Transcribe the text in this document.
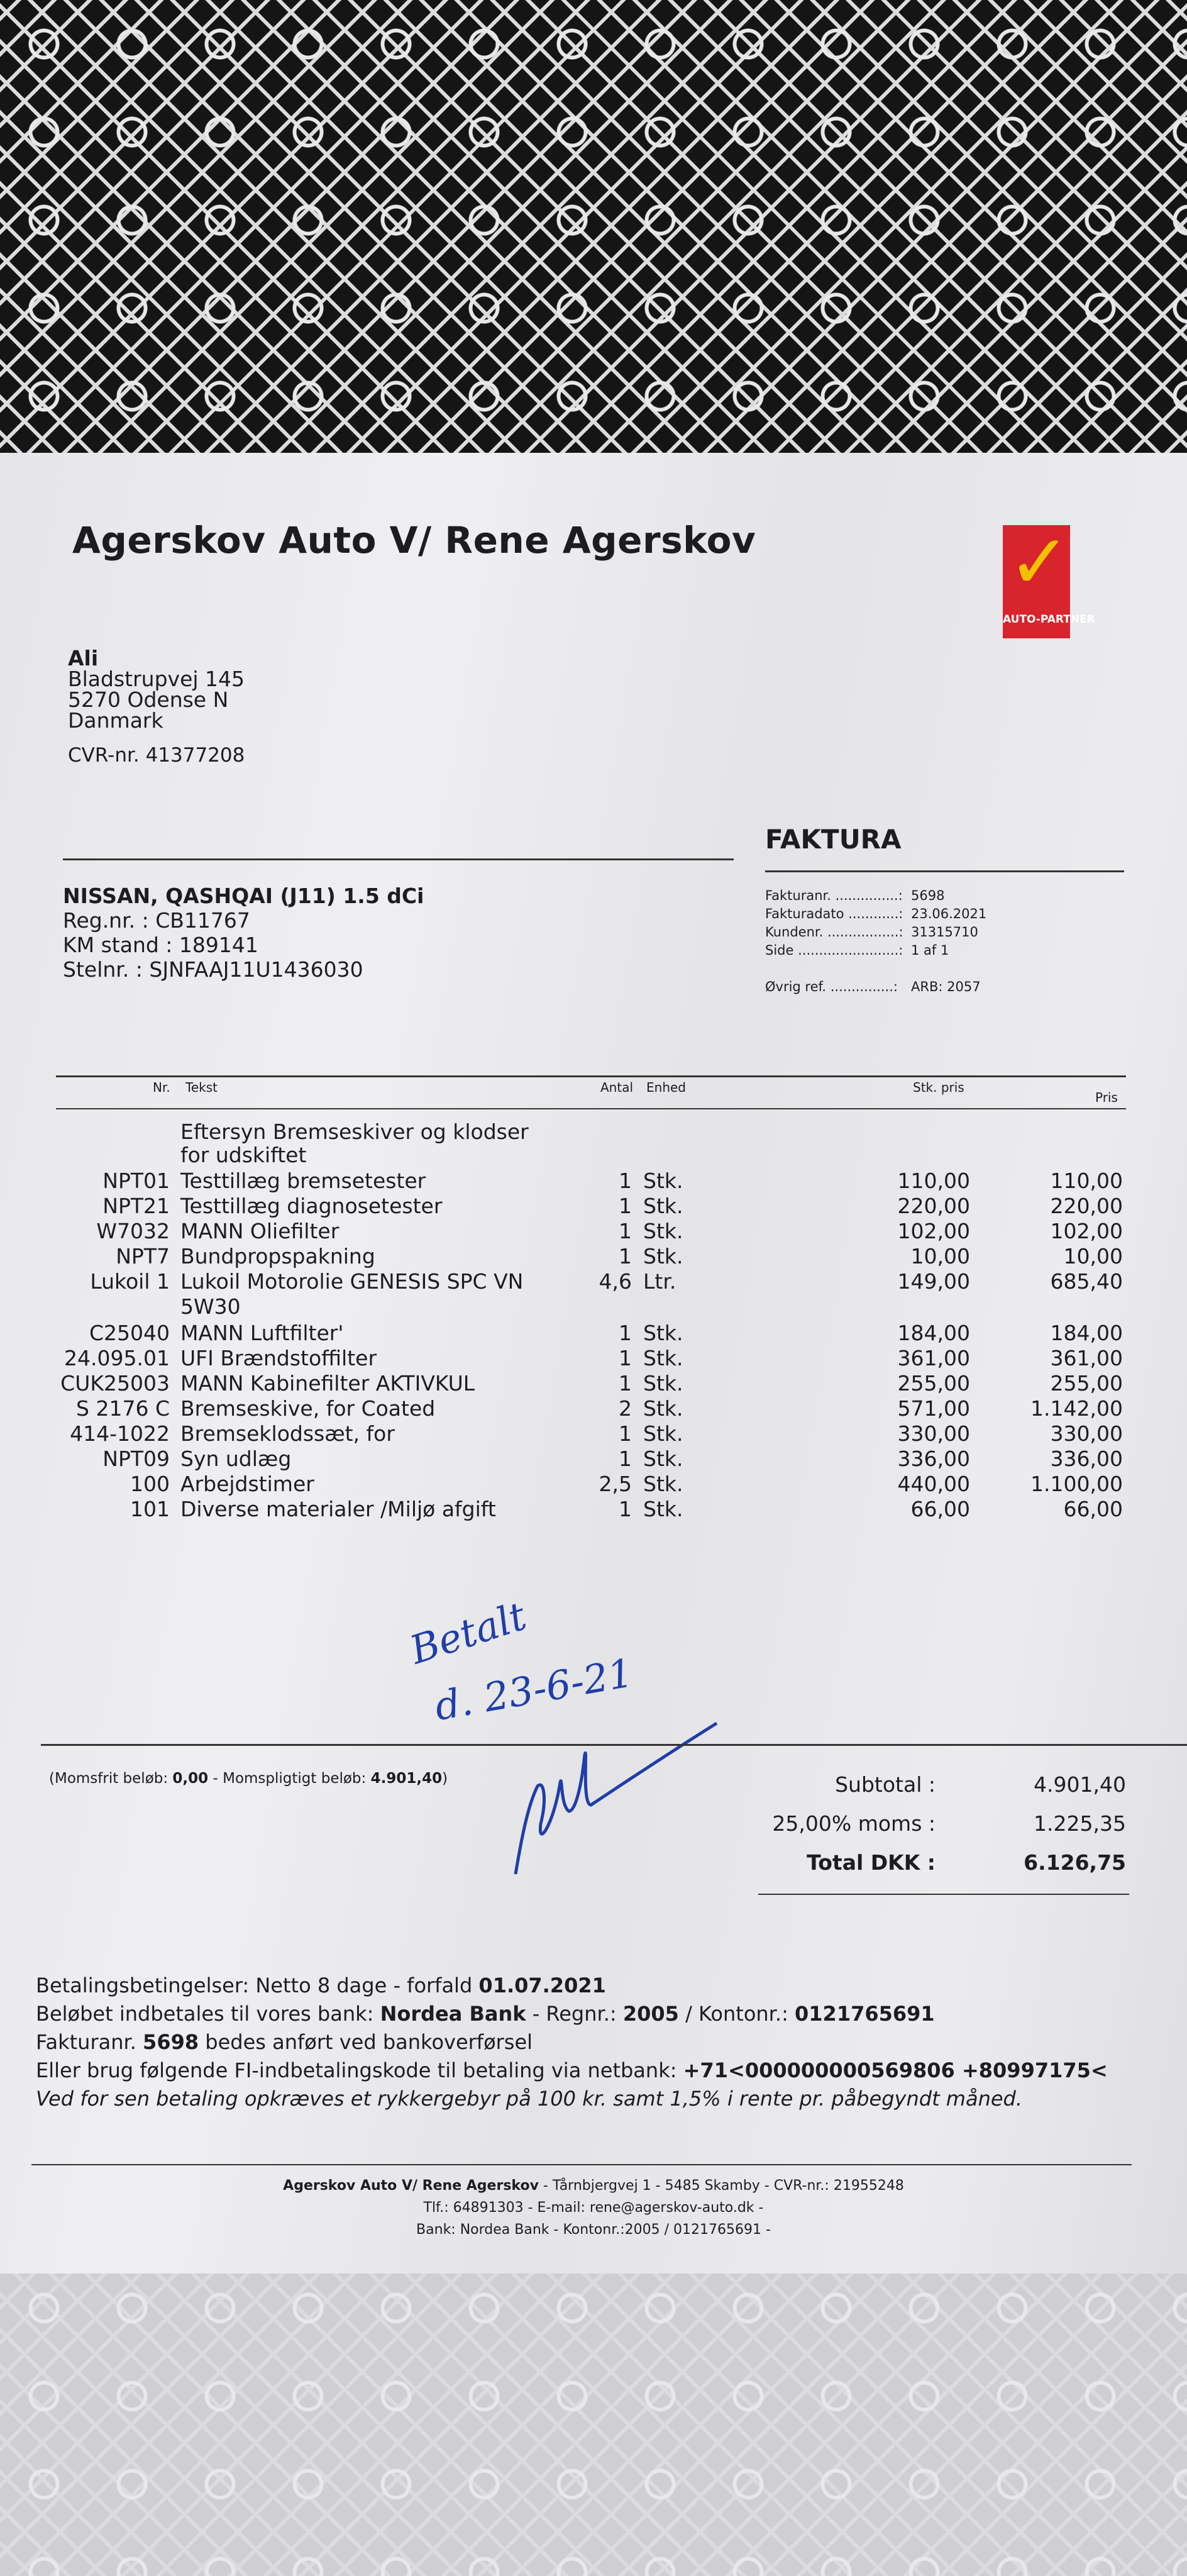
Agerskov Auto V/ Rene Agerskov	✓
AUTO-PARTNER
Ali
Bladstrupvej 145
5270 Odense N
Danmark
CVR-nr. 41377208
FAKTURA
NISSAN, QASHQAI (J11) 1.5 dCi
Reg.nr. : CB11767
KM stand : 189141
Stelnr. : SJNFAAJ11U1436030
Fakturanr. ...............: 5698
Fakturadato ............: 23.06.2021
Kundenr. .................: 31315710
Side ........................: 1 af 1
Øvrig ref. ...............:	ARB: 2057
Nr. Tekst	Antal Enhed	Stk. pris
Pris
Eftersyn Bremseskiver og klodser
for udskiftet
NPT01 Testtillæg bremsetester	1 Stk.	110,00	110,00
NPT21 Testtillæg diagnosetester	1 Stk.	220,00	220,00
W7032 MANN Oliefilter	1 Stk.	102,00	102,00
NPT7 Bundpropspakning	1 Stk.	10,00	10,00
Lukoil 1 Lukoil Motorolie GENESIS SPC VN	4,6 Ltr.	149,00	685,40
5W30
C25040 MANN Luftfilter'	1 Stk.	184,00	184,00
24.095.01 UFI Brændstoffilter	1 Stk.	361,00	361,00
CUK25003 MANN Kabinefilter AKTIVKUL	1 Stk.	255,00	255,00
S 2176 C Bremseskive, for Coated	2 Stk.	571,00	1.142,00
414-1022 Bremseklodssæt, for	1 Stk.	330,00	330,00
NPT09 Syn udlæg	1 Stk.	336,00	336,00
100 Arbejdstimer	2,5 Stk.	440,00	1.100,00
101 Diverse materialer /Miljø afgift	1 Stk.	66,00	66,00
Betalt
d. 23-6-21
(Momsfrit beløb: 0,00 - Momspligtigt beløb: 4.901,40)	Subtotal :	4.901,40
25,00% moms :	1.225,35
Total DKK :	6.126,75
Betalingsbetingelser: Netto 8 dage - forfald 01.07.2021
Beløbet indbetales til vores bank: Nordea Bank - Regnr.: 2005 / Kontonr.: 0121765691
Fakturanr. 5698 bedes anført ved bankoverførsel
Eller brug følgende FI-indbetalingskode til betaling via netbank: +71<000000000569806 +80997175<
Ved for sen betaling opkræves et rykkergebyr på 100 kr. samt 1,5% i rente pr. påbegyndt måned.
Agerskov Auto V/ Rene Agerskov - Tårnbjergvej 1 - 5485 Skamby - CVR-nr.: 21955248
Tlf.: 64891303 - E-mail: rene@agerskov-auto.dk -
Bank: Nordea Bank - Kontonr.:2005 / 0121765691 -
